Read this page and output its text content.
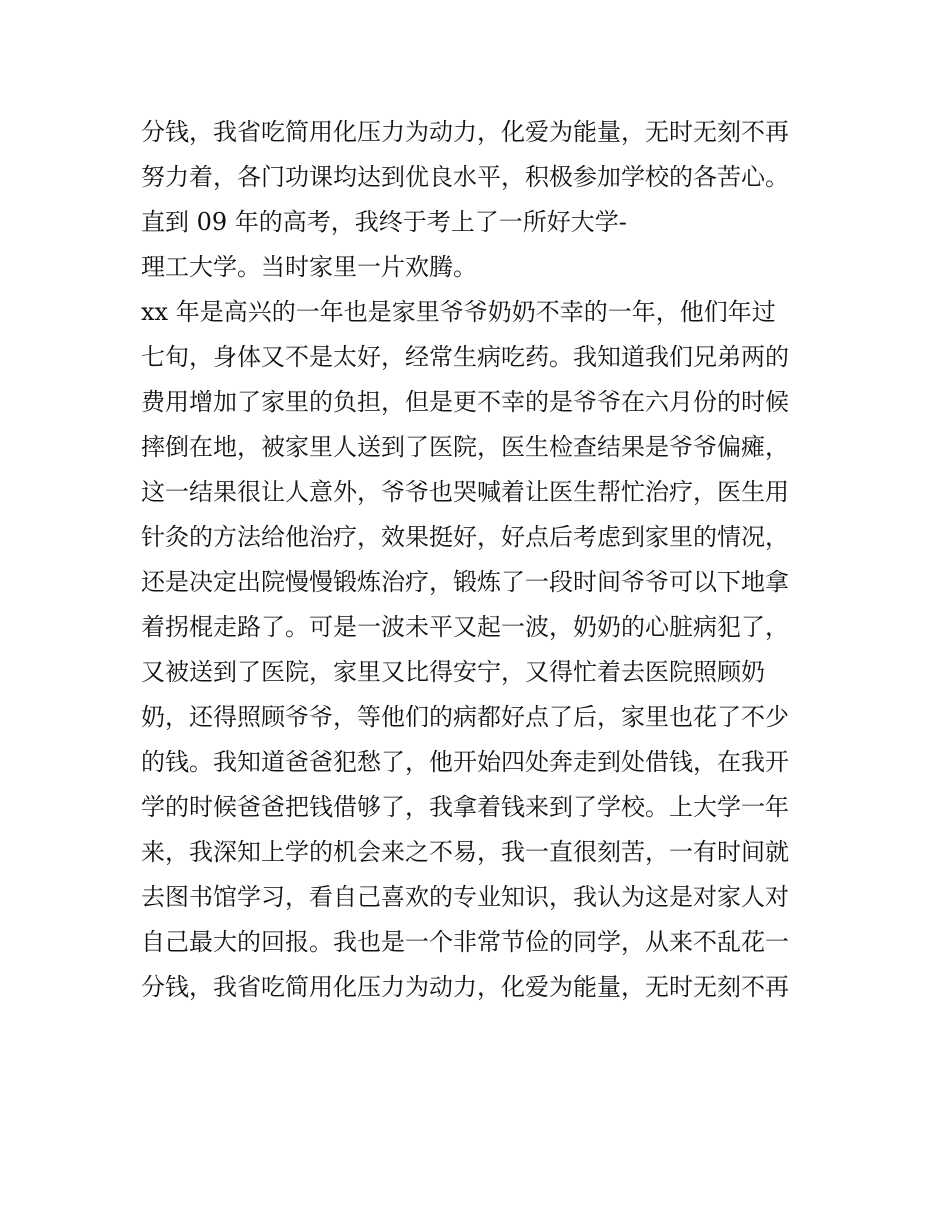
分钱，我省吃简用化压力为动力，化爱为能量，无时无刻不再
努力着，各门功课均达到优良水平，积极参加学校的各苦心。
直到 09 年的高考，我终于考上了一所好大学-
理工大学。当时家里一片欢腾。
xx 年是高兴的一年也是家里爷爷奶奶不幸的一年，他们年过
七旬，身体又不是太好，经常生病吃药。我知道我们兄弟两的
费用增加了家里的负担，但是更不幸的是爷爷在六月份的时候
摔倒在地，被家里人送到了医院，医生检查结果是爷爷偏瘫，
这一结果很让人意外，爷爷也哭喊着让医生帮忙治疗，医生用
针灸的方法给他治疗，效果挺好，好点后考虑到家里的情况，
还是决定出院慢慢锻炼治疗，锻炼了一段时间爷爷可以下地拿
着拐棍走路了。可是一波未平又起一波，奶奶的心脏病犯了，
又被送到了医院，家里又比得安宁，又得忙着去医院照顾奶
奶，还得照顾爷爷，等他们的病都好点了后，家里也花了不少
的钱。我知道爸爸犯愁了，他开始四处奔走到处借钱，在我开
学的时候爸爸把钱借够了，我拿着钱来到了学校。上大学一年
来，我深知上学的机会来之不易，我一直很刻苦，一有时间就
去图书馆学习，看自己喜欢的专业知识，我认为这是对家人对
自己最大的回报。我也是一个非常节俭的同学，从来不乱花一
分钱，我省吃简用化压力为动力，化爱为能量，无时无刻不再
